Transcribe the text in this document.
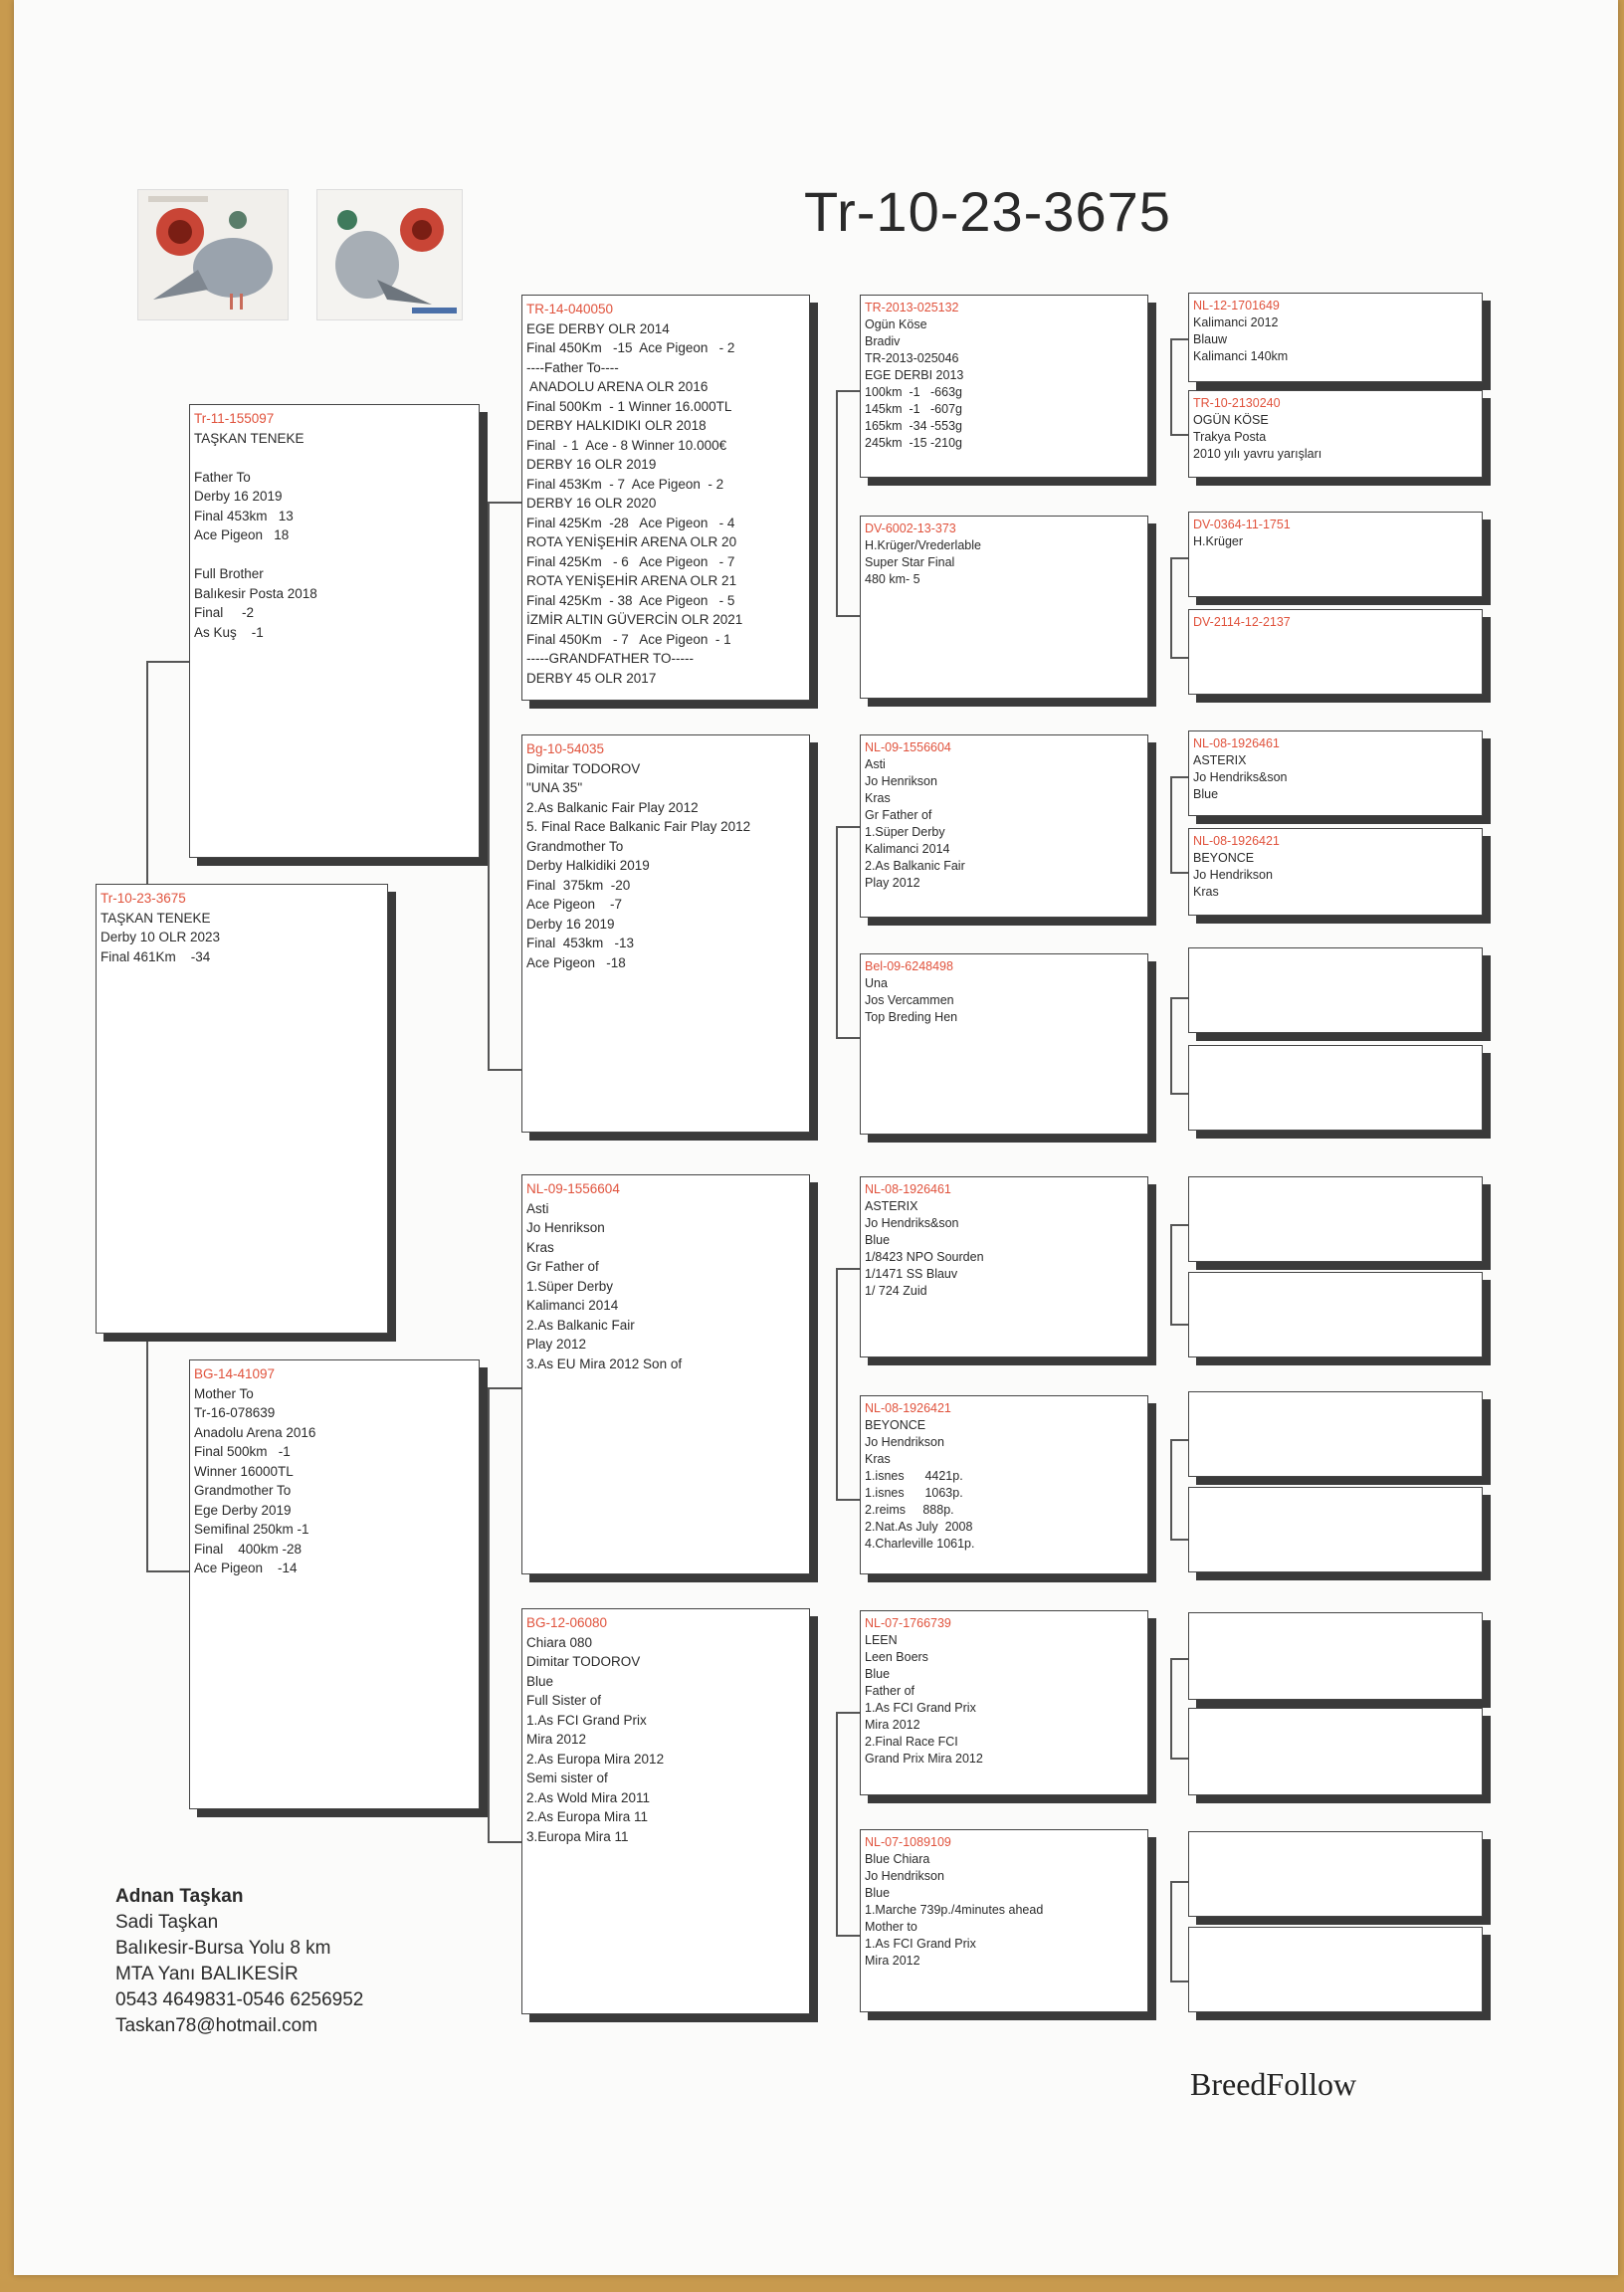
Tr-10-23-3675
Tr-10-23-3675
TAŞKAN TENEKE
Derby 10 OLR 2023
Final 461Km    -34
Tr-11-155097
TAŞKAN TENEKE
Father To
Derby 16 2019
Final 453km   13
Ace Pigeon   18
Full Brother
Balıkesir Posta 2018
Final     -2
As Kuş    -1
BG-14-41097
Mother To
Tr-16-078639
Anadolu Arena 2016
Final 500km   -1
Winner 16000TL
Grandmother To
Ege Derby 2019
Semifinal 250km -1
Final    400km -28
Ace Pigeon    -14
TR-14-040050
EGE DERBY OLR 2014
Final 450Km   -15  Ace Pigeon   - 2
----Father To----
ANADOLU ARENA OLR 2016
Final 500Km  - 1 Winner 16.000TL
DERBY HALKIDIKI OLR 2018
Final  - 1  Ace - 8 Winner 10.000€
DERBY 16 OLR 2019
Final 453Km  - 7  Ace Pigeon  - 2
DERBY 16 OLR 2020
Final 425Km  -28   Ace Pigeon   - 4
ROTA YENİŞEHİR ARENA OLR 20
Final 425Km   - 6   Ace Pigeon   - 7
ROTA YENİŞEHİR ARENA OLR 21
Final 425Km  - 38  Ace Pigeon   - 5
İZMİR ALTIN GÜVERCİN OLR 2021
Final 450Km   - 7   Ace Pigeon  - 1
-----GRANDFATHER TO-----
DERBY 45 OLR 2017
Bg-10-54035
Dimitar TODOROV
"UNA 35"
2.As Balkanic Fair Play 2012
5. Final Race Balkanic Fair Play 2012
Grandmother To
Derby Halkidiki 2019
Final  375km  -20
Ace Pigeon    -7
Derby 16 2019
Final  453km   -13
Ace Pigeon   -18
NL-09-1556604
Asti
Jo Henrikson
Kras
Gr Father of
1.Süper Derby
Kalimanci 2014
2.As Balkanic Fair
Play 2012
3.As EU Mira 2012 Son of
BG-12-06080
Chiara 080
Dimitar TODOROV
Blue
Full Sister of
1.As FCI Grand Prix
Mira 2012
2.As Europa Mira 2012
Semi sister of
2.As Wold Mira 2011
2.As Europa Mira 11
3.Europa Mira 11
TR-2013-025132
Ogün Köse
Bradiv
TR-2013-025046
EGE DERBI 2013
100km  -1   -663g
145km  -1   -607g
165km  -34 -553g
245km  -15 -210g
DV-6002-13-373
H.Krüger/Vrederlable
Super Star Final
480 km- 5
NL-09-1556604
Asti
Jo Henrikson
Kras
Gr Father of
1.Süper Derby
Kalimanci 2014
2.As Balkanic Fair
Play 2012
Bel-09-6248498
Una
Jos Vercammen
Top Breding Hen
NL-08-1926461
ASTERIX
Jo Hendriks&son
Blue
1/8423 NPO Sourden
1/1471 SS Blauv
1/ 724 Zuid
NL-08-1926421
BEYONCE
Jo Hendrikson
Kras
1.isnes      4421p.
1.isnes      1063p.
2.reims     888p.
2.Nat.As July  2008
4.Charleville 1061p.
NL-07-1766739
LEEN
Leen Boers
Blue
Father of
1.As FCI Grand Prix
Mira 2012
2.Final Race FCI
Grand Prix Mira 2012
NL-07-1089109
Blue Chiara
Jo Hendrikson
Blue
1.Marche 739p./4minutes ahead
Mother to
1.As FCI Grand Prix
Mira 2012
NL-12-1701649
Kalimanci 2012
Blauw
Kalimanci 140km
TR-10-2130240
OGÜN KÖSE
Trakya Posta
2010 yılı yavru yarışları
DV-0364-11-1751
H.Krüger
DV-2114-12-2137
NL-08-1926461
ASTERIX
Jo Hendriks&son
Blue
NL-08-1926421
BEYONCE
Jo Hendrikson
Kras
Adnan Taşkan
Sadi Taşkan
Balıkesir-Bursa Yolu 8 km
MTA Yanı BALIKESİR
0543 4649831-0546 6256952
Taskan78@hotmail.com
BreedFollow
